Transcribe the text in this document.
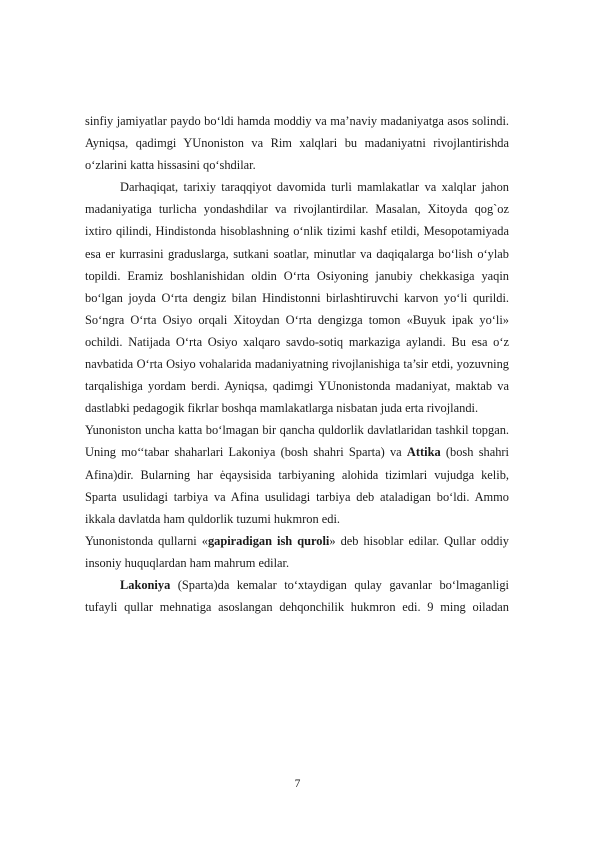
sinfiy jamiyatlar paydo bo‘ldi hamda moddiy va ma’naviy madaniyatga asos solindi. Ayniqsa, qadimgi YUnoniston va Rim xalqlari bu madaniyatni rivojlantirishda o‘zlarini katta hissasini qo‘shdilar.

Darhaqiqat, tarixiy taraqqiyot davomida turli mamlakatlar va xalqlar jahon madaniyatiga turlicha yondashdilar va rivojlantirdilar. Masalan, Xitoyda qog`oz ixtiro qilindi, Hindistonda hisoblashning o‘nlik tizimi kashf etildi, Mesopotamiyada esa er kurrasini graduslarga, sutkani soatlar, minutlar va daqiqalarga bo‘lish o‘ylab topildi. Eramiz boshlanishidan oldin O‘rta Osiyoning janubiy chekkasiga yaqin bo‘lgan joyda O‘rta dengiz bilan Hindistonni birlashtiruvchi karvon yo‘li qurildi. So‘ngra O‘rta Osiyo orqali Xitoydan O‘rta dengizga tomon «Buyuk ipak yo‘li» ochildi. Natijada O‘rta Osiyo xalqaro savdo-sotiq markaziga aylandi. Bu esa o‘z navbatida O‘rta Osiyo vohalarida madaniyatning rivojlanishiga ta’sir etdi, yozuvning tarqalishiga yordam berdi. Ayniqsa, qadimgi YUnonistonda madaniyat, maktab va dastlabki pedagogik fikrlar boshqa mamlakatlarga nisbatan juda erta rivojlandi.

Yunoniston uncha katta bo‘lmagan bir qancha quldorlik davlatlaridan tashkil topgan. Uning mo‘‘tabar shaharlari Lakoniya (bosh shahri Sparta) va Attika (bosh shahri Afina)dir. Bularning har ėqaysisida tarbiyaning alohida tizimlari vujudga kelib, Sparta usulidagi tarbiya va Afina usulidagi tarbiya deb ataladigan bo‘ldi. Ammo ikkala davlatda ham quldorlik tuzumi hukmron edi.

Yunonistonda qullarni «gapiradigan ish quroli» deb hisoblar edilar. Qullar oddiy insoniy huquqlardan ham mahrum edilar.

Lakoniya (Sparta)da kemalar to‘xtaydigan qulay gavanlar bo‘lmaganligi tufayli qullar mehnatiga asoslangan dehqonchilik hukmron edi. 9 ming oiladan

7
